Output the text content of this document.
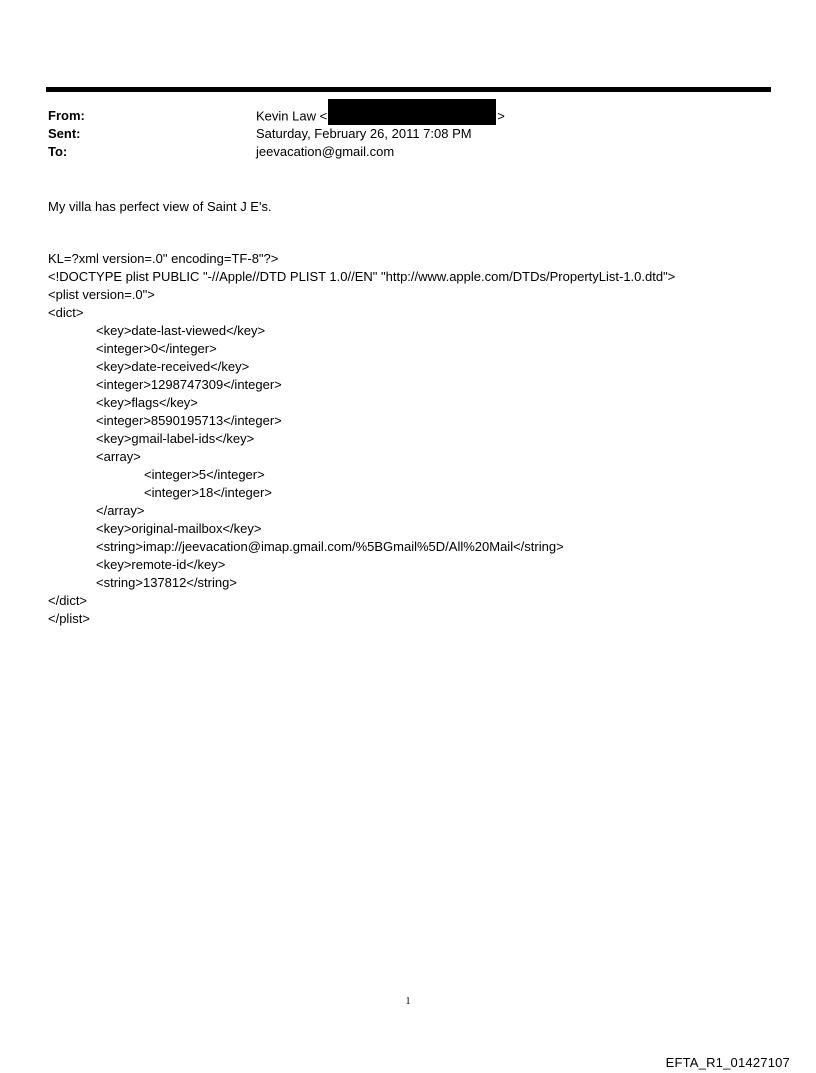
From:	Kevin Law <	>
Sent:	Saturday, February 26, 2011 7:08 PM
To:	jeevacation@gmail.com
My villa has perfect view of Saint J E's.
KL=?xml version=.0" encoding=TF-8"?>
<!DOCTYPE plist PUBLIC "-//Apple//DTD PLIST 1.0//EN" "http://www.apple.com/DTDs/PropertyList-1.0.dtd">
<plist version=.0">
<dict>
<key>date-last-viewed</key>
<integer>0</integer>
<key>date-received</key>
<integer>1298747309</integer>
<key>flags</key>
<integer>8590195713</integer>
<key>gmail-label-ids</key>
<array>
<integer>5</integer>
<integer>18</integer>
</array>
<key>original-mailbox</key>
<string>imap://jeevacation@imap.gmail.com/%5BGmail%5D/All%20Mail</string>
<key>remote-id</key>
<string>137812</string>
</dict>
</plist>
1
EFTA_R1_01427107
